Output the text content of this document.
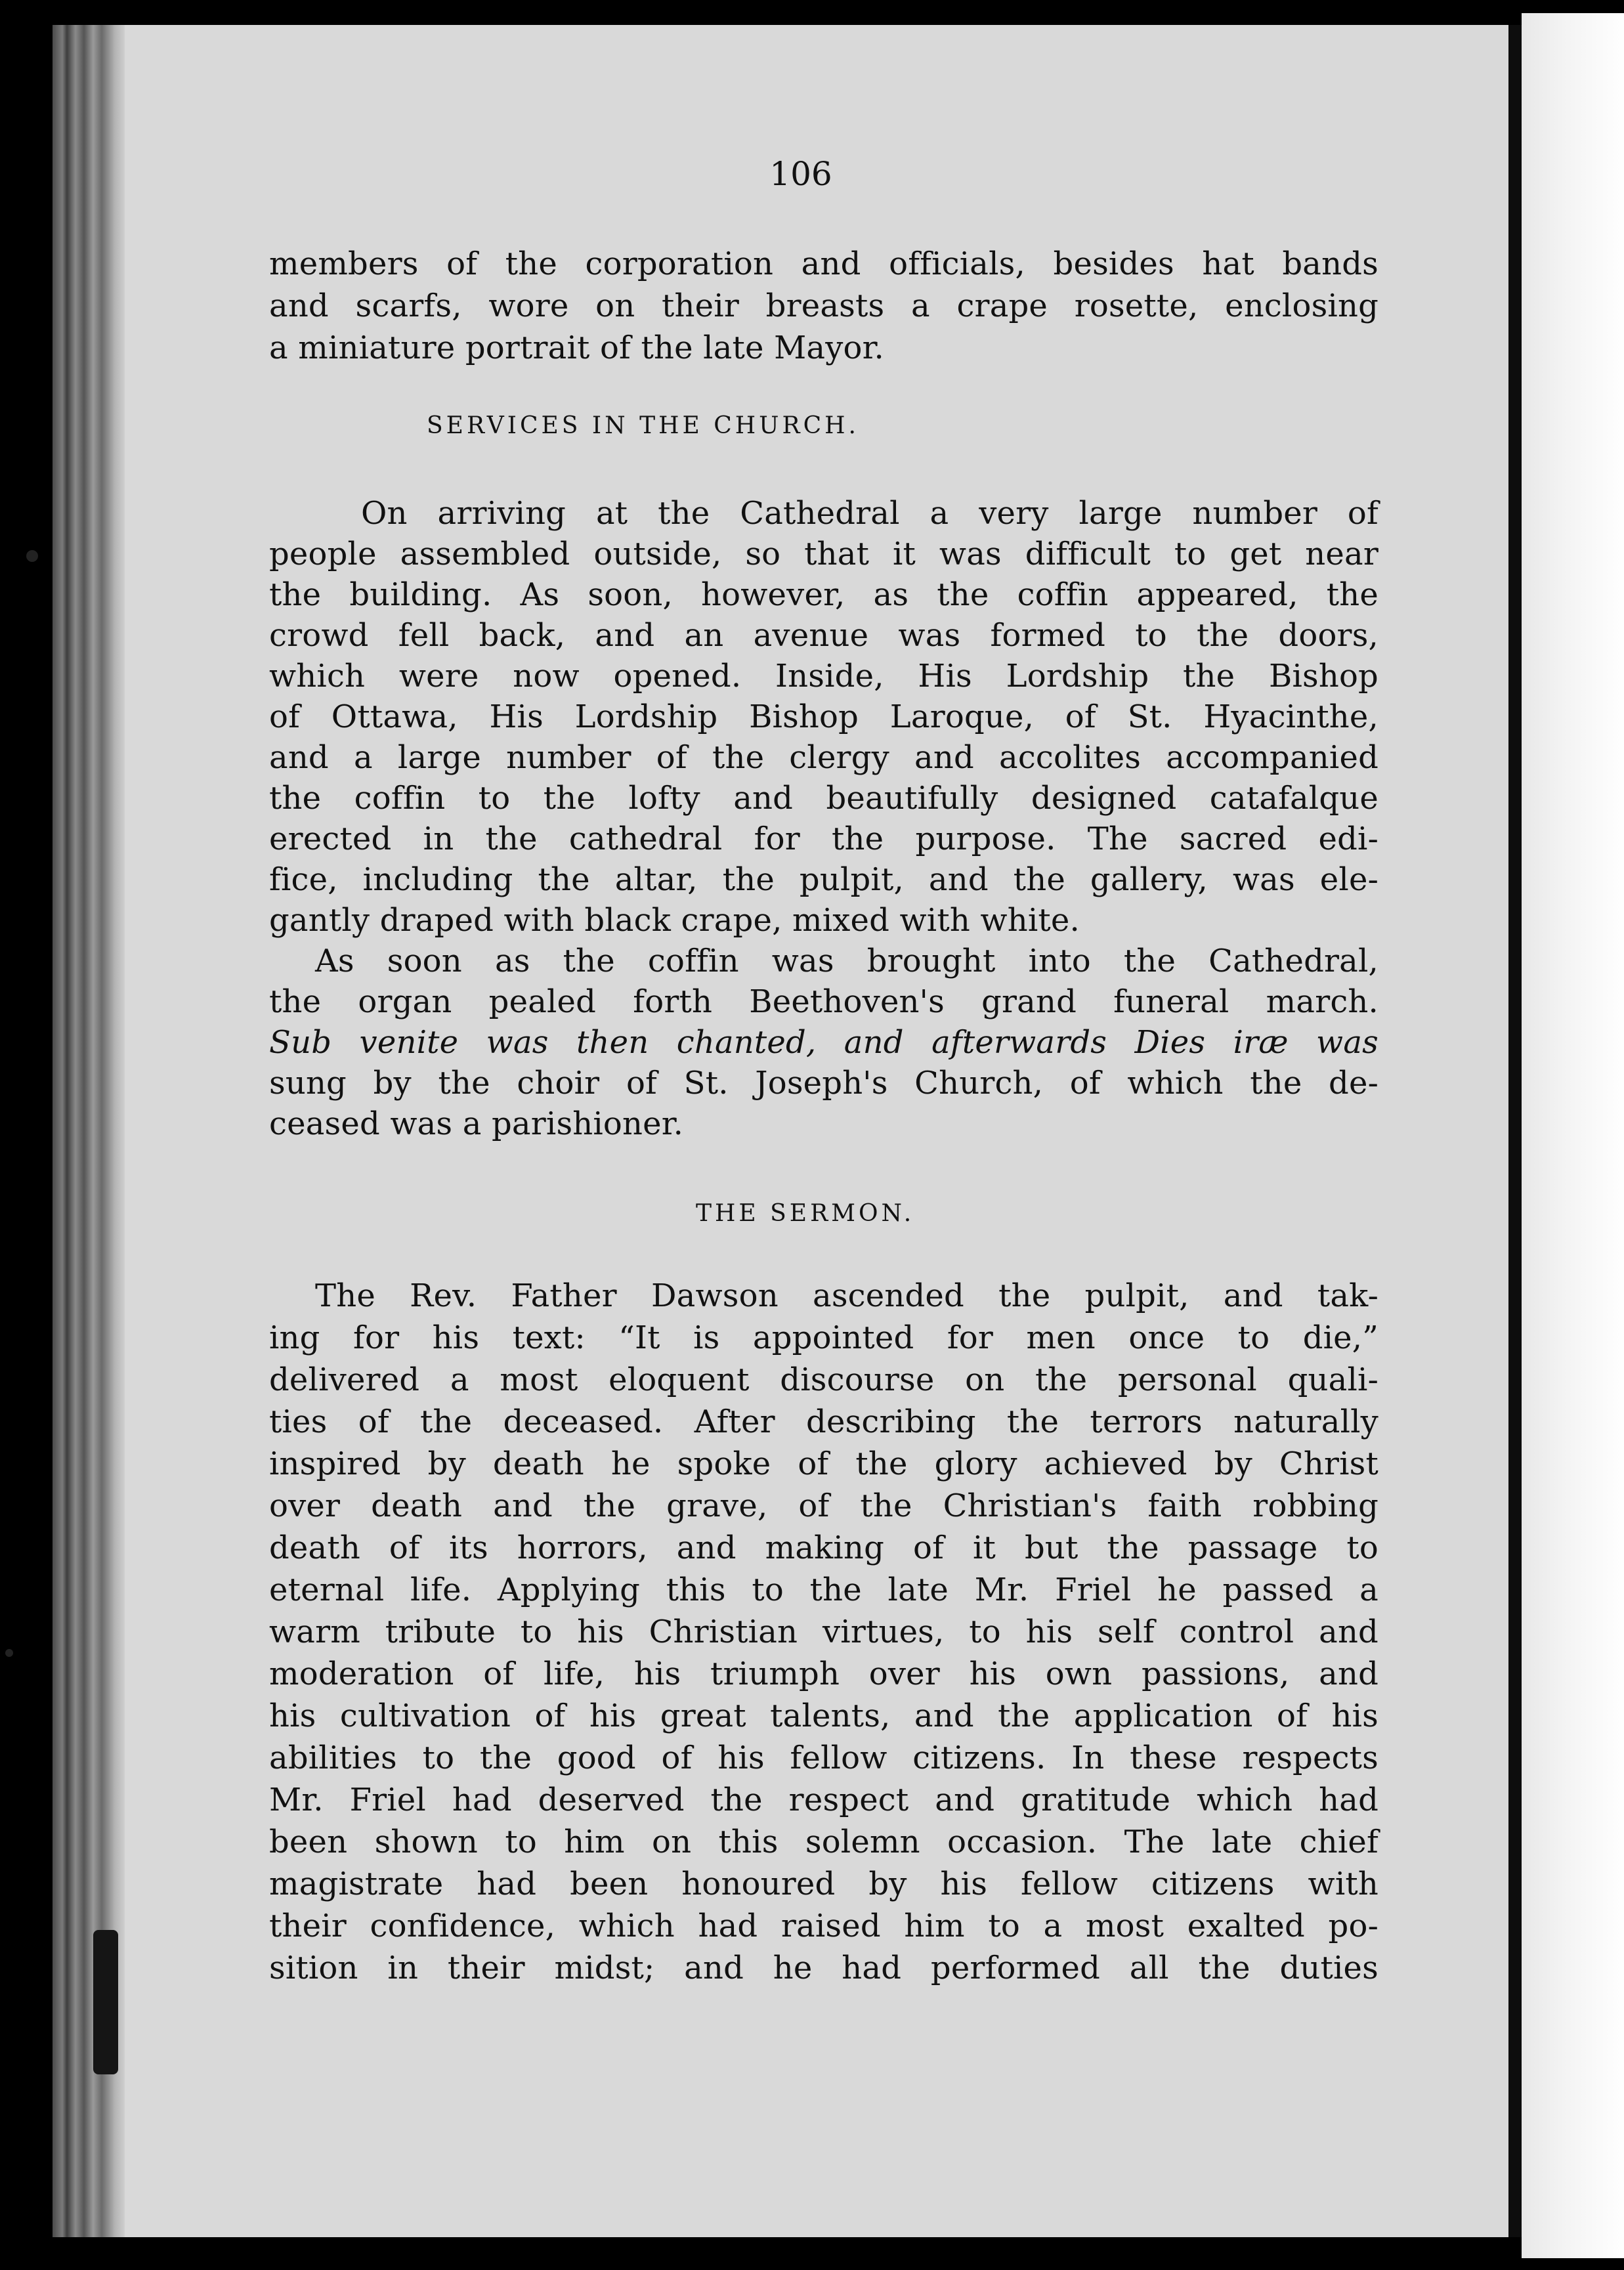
106
members of the corporation and officials, besides hat bands
and scarfs, wore on their breasts a crape rosette, enclosing
a miniature portrait of the late Mayor.
SERVICES IN THE CHURCH.
On arriving at the Cathedral a very large number of
people assembled outside, so that it was difficult to get near
the building. As soon, however, as the coffin appeared, the
crowd fell back, and an avenue was formed to the doors,
which were now opened. Inside, His Lordship the Bishop
of Ottawa, His Lordship Bishop Laroque, of St. Hyacinthe,
and a large number of the clergy and accolites accompanied
the coffin to the lofty and beautifully designed catafalque
erected in the cathedral for the purpose. The sacred edi-
fice, including the altar, the pulpit, and the gallery, was ele-
gantly draped with black crape, mixed with white.
As soon as the coffin was brought into the Cathedral,
the organ pealed forth Beethoven's grand funeral march.
Sub venite was then chanted, and afterwards Dies iræ was
sung by the choir of St. Joseph's Church, of which the de-
ceased was a parishioner.
THE SERMON.
The Rev. Father Dawson ascended the pulpit, and tak-
ing for his text: “It is appointed for men once to die,”
delivered a most eloquent discourse on the personal quali-
ties of the deceased. After describing the terrors naturally
inspired by death he spoke of the glory achieved by Christ
over death and the grave, of the Christian's faith robbing
death of its horrors, and making of it but the passage to
eternal life. Applying this to the late Mr. Friel he passed a
warm tribute to his Christian virtues, to his self control and
moderation of life, his triumph over his own passions, and
his cultivation of his great talents, and the application of his
abilities to the good of his fellow citizens. In these respects
Mr. Friel had deserved the respect and gratitude which had
been shown to him on this solemn occasion. The late chief
magistrate had been honoured by his fellow citizens with
their confidence, which had raised him to a most exalted po-
sition in their midst; and he had performed all the duties
